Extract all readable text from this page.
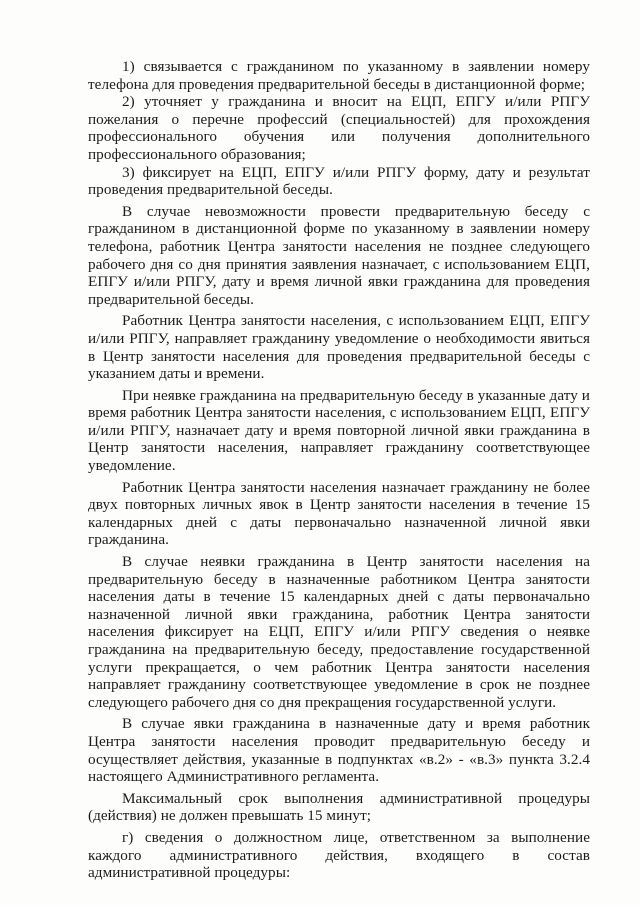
1) связывается с гражданином по указанному в заявлении номеру телефона для проведения предварительной беседы в дистанционной форме;

2) уточняет у гражданина и вносит на ЕЦП, ЕПГУ и/или РПГУ пожелания о перечне профессий (специальностей) для прохождения профессионального обучения или получения дополнительного профессионального образования;

3) фиксирует на ЕЦП, ЕПГУ и/или РПГУ форму, дату и результат проведения предварительной беседы.

В случае невозможности провести предварительную беседу с гражданином в дистанционной форме по указанному в заявлении номеру телефона, работник Центра занятости населения не позднее следующего рабочего дня со дня принятия заявления назначает, с использованием ЕЦП, ЕПГУ и/или РПГУ, дату и время личной явки гражданина для проведения предварительной беседы.

Работник Центра занятости населения, с использованием ЕЦП, ЕПГУ и/или РПГУ, направляет гражданину уведомление о необходимости явиться в Центр занятости населения для проведения предварительной беседы с указанием даты и времени.

При неявке гражданина на предварительную беседу в указанные дату и время работник Центра занятости населения, с использованием ЕЦП, ЕПГУ и/или РПГУ, назначает дату и время повторной личной явки гражданина в Центр занятости населения, направляет гражданину соответствующее уведомление.

Работник Центра занятости населения назначает гражданину не более двух повторных личных явок в Центр занятости населения в течение 15 календарных дней с даты первоначально назначенной личной явки гражданина.

В случае неявки гражданина в Центр занятости населения на предварительную беседу в назначенные работником Центра занятости населения даты в течение 15 календарных дней с даты первоначально назначенной личной явки гражданина, работник Центра занятости населения фиксирует на ЕЦП, ЕПГУ и/или РПГУ сведения о неявке гражданина на предварительную беседу, предоставление государственной услуги прекращается, о чем работник Центра занятости населения направляет гражданину соответствующее уведомление в срок не позднее следующего рабочего дня со дня прекращения государственной услуги.

В случае явки гражданина в назначенные дату и время работник Центра занятости населения проводит предварительную беседу и осуществляет действия, указанные в подпунктах «в.2» - «в.3» пункта 3.2.4 настоящего Административного регламента.

Максимальный срок выполнения административной процедуры (действия) не должен превышать 15 минут;

г) сведения о должностном лице, ответственном за выполнение каждого административного действия, входящего в состав административной процедуры:
